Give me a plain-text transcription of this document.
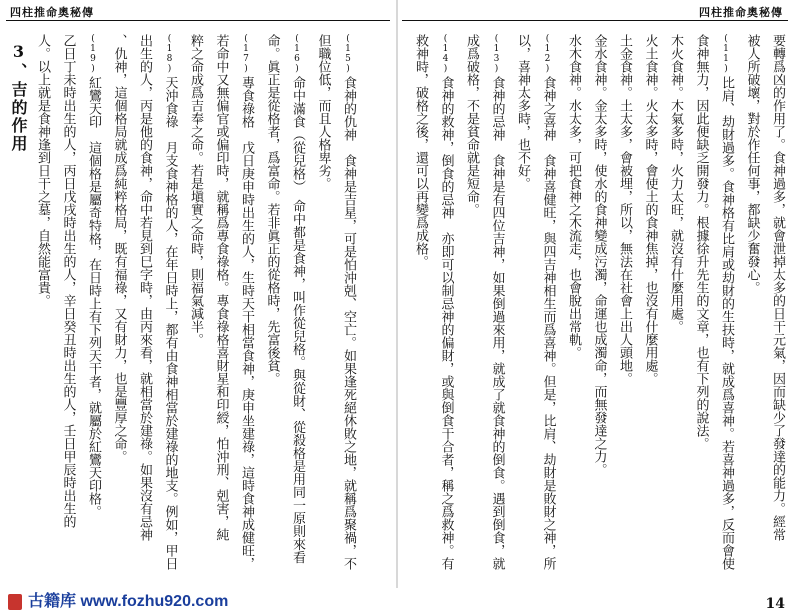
四柱推命奧秘傳
要轉爲凶的作用了。食神過多，就會泄掉太多的日干元氣，因而缺少了發達的能力。經常
被人所破壞，對於作任何事，都缺少奮發心。
(11)比肩、劫財過多。食神格有比肩或劫財的生扶時，就成爲喜神。若喜神過多，反而會使
食神無力，因此便缺乏開發力。根據徐升先生的文章，也有下列的說法。
木火食神。木氣多時，火力太旺，就沒有什麼用處。
火土食神。火太多時，會使土的食神焦掉，也沒有什麼用處。
土金食神。土太多，會被埋，所以，無法在社會上出人頭地。
金水食神。金太多時，使水的食神變成污濁，命運也成濁命，而無發達之力。
水木食神。水太多，可把食神之木流走，也會脫出常軌。
(12)食神之喜神　食神喜健旺，與四吉神相生而爲喜神。但是，比肩、劫財是敗財之神，所
以，喜神太多時，也不好。
(13)食神的忌神　食神是有四位吉神，如果倒過來用，就成了就食神的倒食。遇到倒食，就
成爲破格，不是貧命就是短命。
(14)食神的救神，倒食的忌神　亦即可以制忌神的偏財，或與倒食干合者，稱之爲救神。有
救神時，破格之後，還可以再變爲成格。
14
四柱推命奧秘傳
(15)食神的仇神　食神是吉星，可是怕沖剋、空亡。如果逢死絕休敗之地，就稱爲聚禍，不
但職位低，而且人格卑劣。
(16)命中滿食（從兒格）　命中都是食神，叫作從兒格。與從財、從殺格是用同一原則來看
命。眞正是從格者，爲富命。若非眞正的從格時，先富後貧。
(17)專食祿格　戊日庚申時出生的人，生時天干相當食神，庚申坐建祿，這時食神成健旺，
若命中又無偏官或偏印時，就稱爲專食祿格。專食祿格喜財星和印綬，怕沖刑、剋害，純
粹之命成爲吉奉之命。若是塡實之命時，則福氣減半。
(18)天沖食祿　月支食神格的人，在年日時上，都有由食神相當於建祿的地支。例如，甲日
出生的人，丙是他的食神，命中若見到巳字時，由丙來看，就相當於建祿。如果沒有忌神
、仇神，這個格局就成爲純粹格局，既有福祿，又有財力，也是豐厚之命。
(19)紅鸞天印　這個格是屬奇特格，在日時上有下列天干者，就屬於紅鸞天印格。
乙日丁未時出生的人，丙日戊戌時出生的人，辛日癸丑時出生的人，壬日甲辰時出生的
人。以上就是食神逢到日干之墓，自然能富貴。
3、吉的作用
古籍库 www.fozhu920.com
